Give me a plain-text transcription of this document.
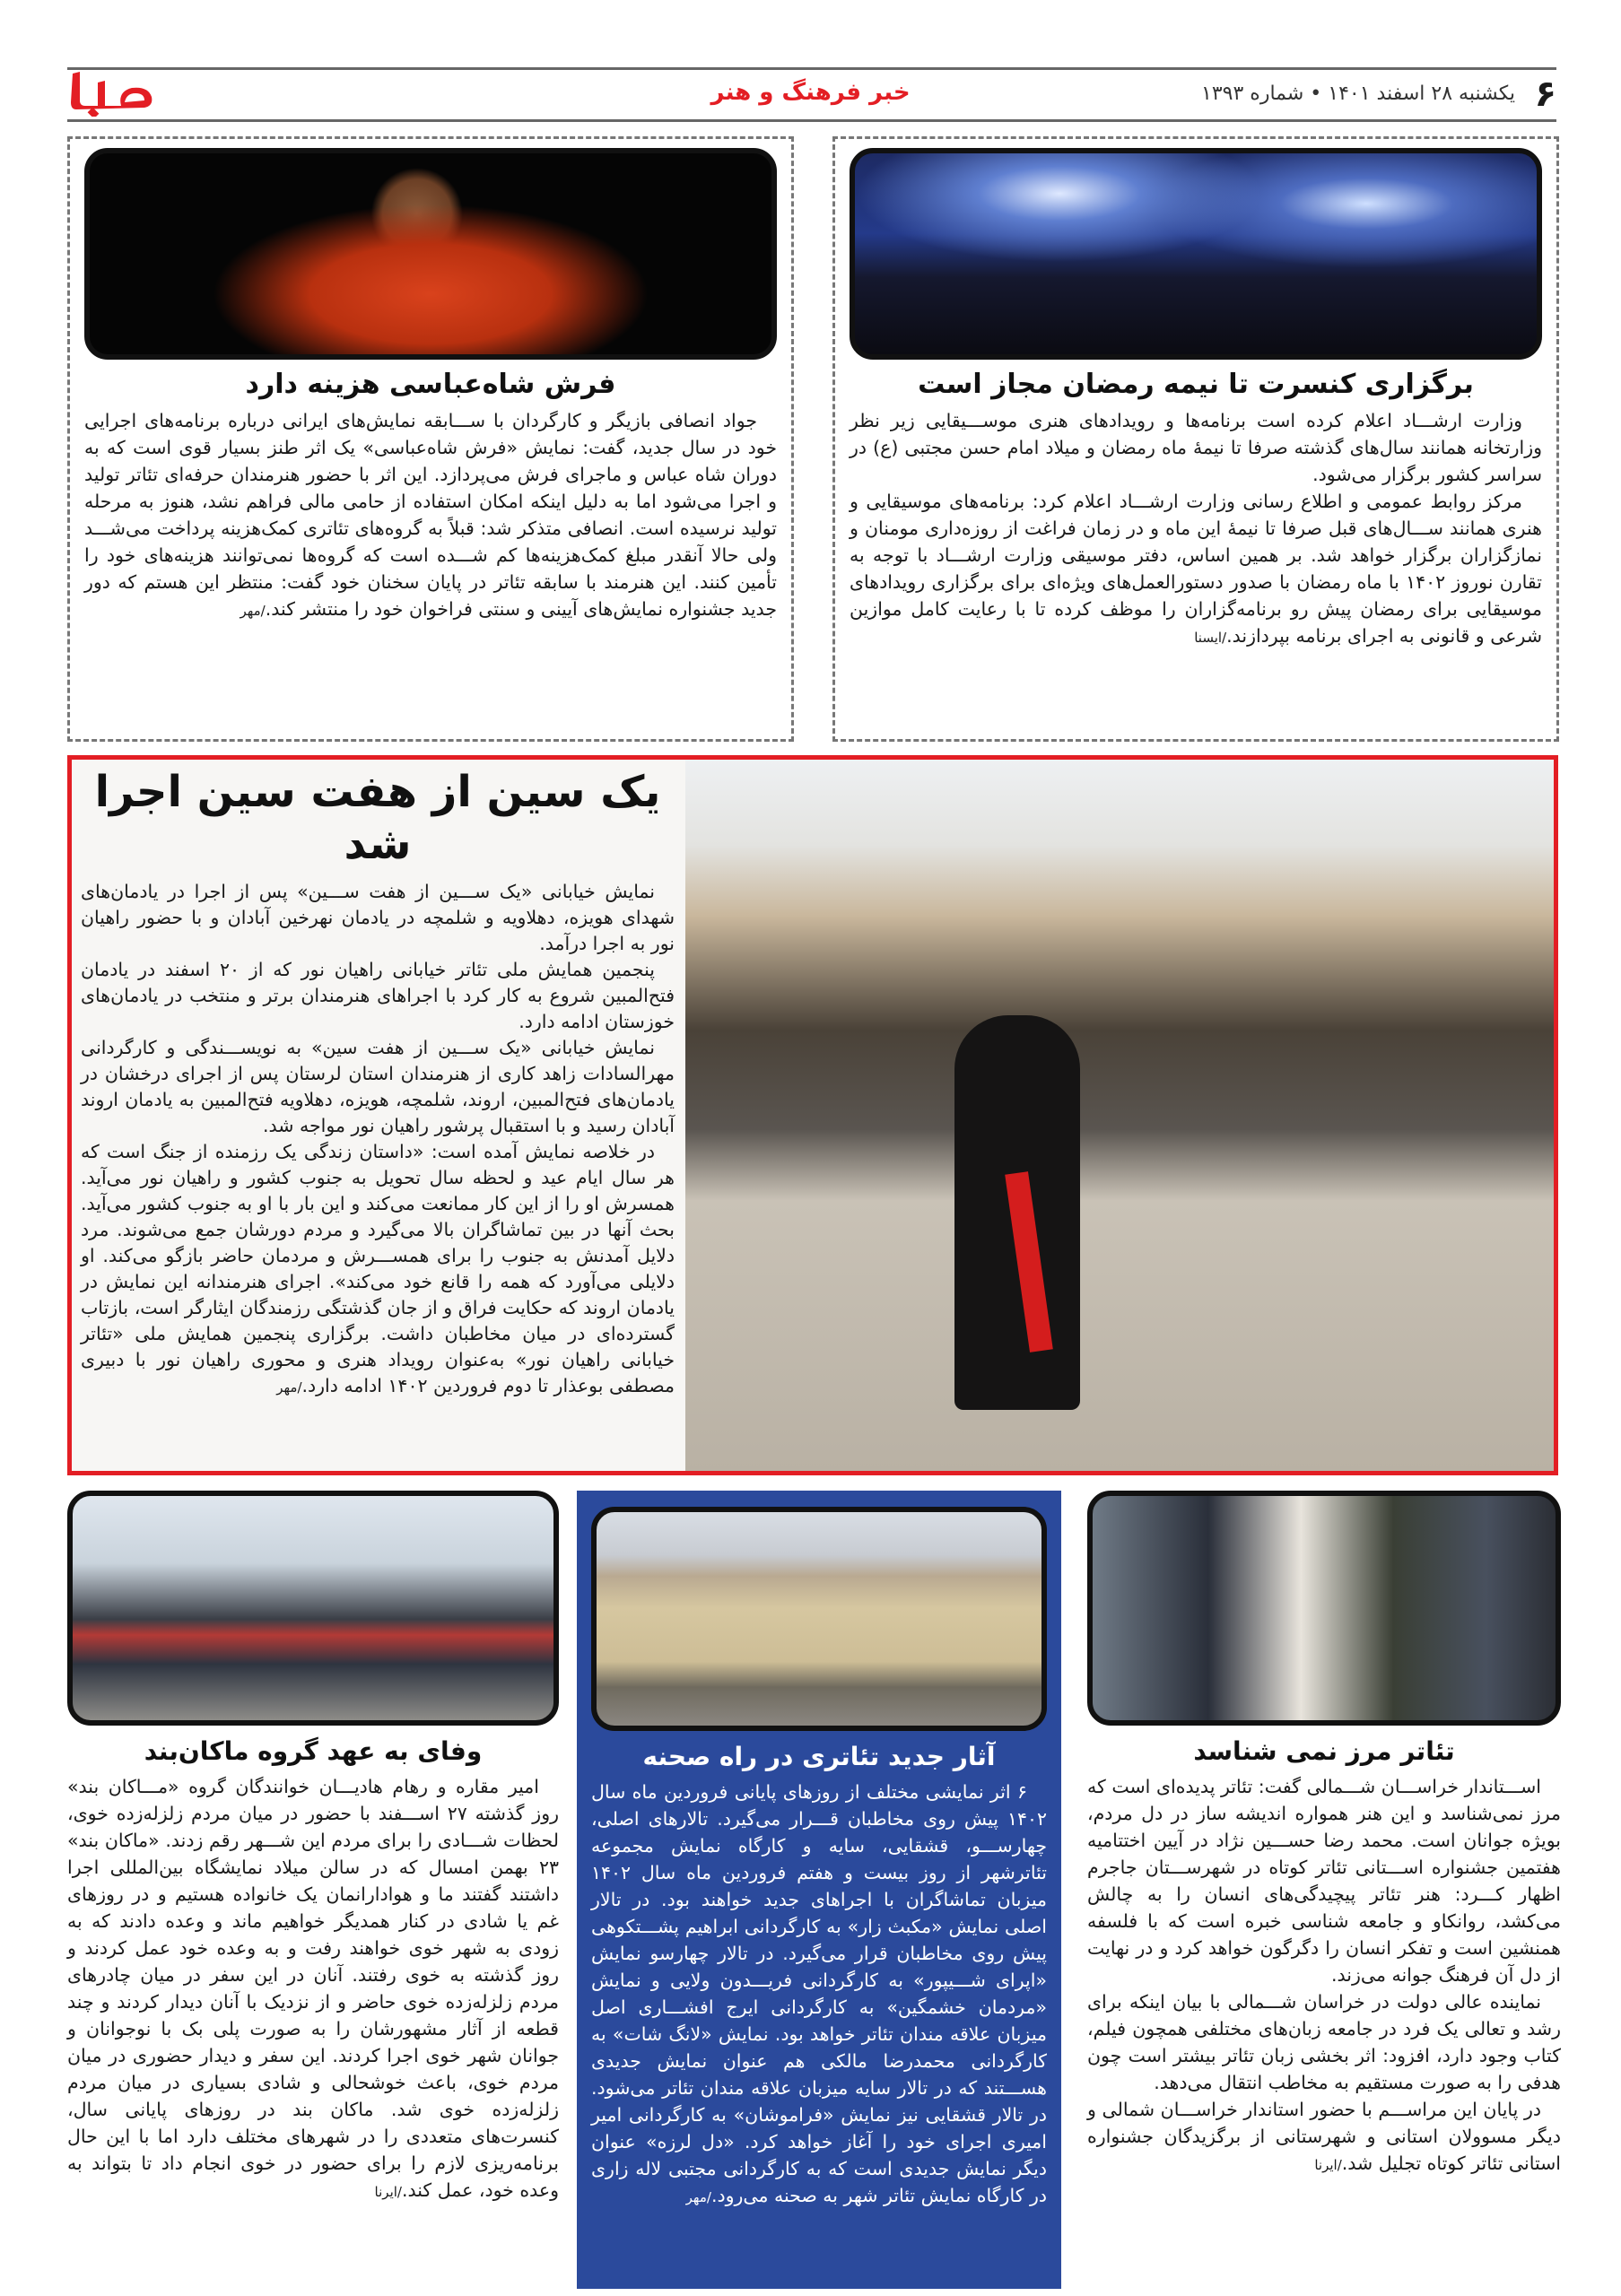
۶
یکشنبه ۲۸ اسفند ۱۴۰۱ • شماره ۱۳۹۳
خبر فرهنگ و هنر
برگزاری کنسرت تا نیمه رمضان مجاز است

وزارت ارشـــاد اعلام کرده است برنامه‌ها و رویدادهای هنری موســـیقایی زیر نظر وزارتخانه همانند سال‌های گذشته صرفا تا نیمهٔ ماه رمضان و میلاد امام حسن مجتبی (ع) در سراسر کشور برگزار می‌شود.

مرکز روابط عمومی و اطلاع رسانی وزارت ارشـــاد اعلام کرد: برنامه‌های موسیقایی و هنری همانند ســـال‌های قبل صرفا تا نیمهٔ این ماه و در زمان فراغت از روزه‌داری مومنان و نمازگزاران برگزار خواهد شد. بر همین اساس، دفتر موسیقی وزارت ارشـــاد با توجه به تقارن نوروز ۱۴۰۲ با ماه رمضان با صدور دستورالعمل‌های ویژه‌ای برای برگزاری رویدادهای موسیقایی برای رمضان پیش رو برنامه‌گزاران را موظف کرده تا با رعایت کامل موازین شرعی و قانونی به اجرای برنامه بپردازند./ایسنا

فرش شاه‌عباسی هزینه دارد

جواد انصافی بازیگر و کارگردان با ســـابقه نمایش‌های ایرانی درباره برنامه‌های اجرایی خود در سال جدید، گفت: نمایش «فرش شاه‌عباسی» یک اثر طنز بسیار قوی است که به دوران شاه عباس و ماجرای فرش می‌پردازد. این اثر با حضور هنرمندان حرفه‌ای تئاتر تولید و اجرا می‌شود اما به دلیل اینکه امکان استفاده از حامی مالی فراهم نشد، هنوز به مرحله تولید نرسیده است. انصافی متذکر شد: قبلاً به گروه‌های تئاتری کمک‌هزینه پرداخت می‌شـــد ولی حالا آنقدر مبلغ کمک‌هزینه‌ها کم شـــده است که گروه‌ها نمی‌توانند هزینه‌های خود را تأمین کنند. این هنرمند با سابقه تئاتر در پایان سخنان خود گفت: منتظر این هستم که دور جدید جشنواره نمایش‌های آیینی و سنتی فراخوان خود را منتشر کند./مهر

یک سین از هفت سین اجرا شد

نمایش خیابانی «یک ســـین از هفت ســـین» پس از اجرا در یادمان‌های شهدای هویزه، دهلاویه و شلمچه در یادمان نهرخین آبادان و با حضور راهیان نور به اجرا درآمد.

پنجمین همایش ملی تئاتر خیابانی راهیان نور که از ۲۰ اسفند در یادمان فتح‌المبین شروع به کار کرد با اجراهای هنرمندان برتر و منتخب در یادمان‌های خوزستان ادامه دارد.

نمایش خیابانی «یک ســـین از هفت سین» به نویســـندگی و کارگردانی مهرالسادات زاهد کاری از هنرمندان استان لرستان پس از اجرای درخشان در یادمان‌های فتح‌المبین، اروند، شلمچه، هویزه، دهلاویه فتح‌المبین به یادمان اروند آبادان رسید و با استقبال پرشور راهیان نور مواجه شد.

در خلاصه نمایش آمده است: «داستان زندگی یک رزمنده از جنگ است که هر سال ایام عید و لحظه سال تحویل به جنوب کشور و راهیان نور می‌آید. همسرش او را از این کار ممانعت می‌کند و این بار با او به جنوب کشور می‌آید. بحث آنها در بین تماشاگران بالا می‌گیرد و مردم دورشان جمع می‌شوند. مرد دلایل آمدنش به جنوب را برای همســـرش و مردمان حاضر بازگو می‌کند. او دلایلی می‌آورد که همه را قانع خود می‌کند». اجرای هنرمندانه این نمایش در یادمان اروند که حکایت فراق و از جان گذشتگی رزمندگان ایثارگر است، بازتاب گسترده‌ای در میان مخاطبان داشت. برگزاری پنجمین همایش ملی «تئاتر خیابانی راهیان نور» به‌عنوان رویداد هنری و محوری راهیان نور با دبیری مصطفی بوعذار تا دوم فروردین ۱۴۰۲ ادامه دارد./مهر

تئاتر مرز نمی شناسد

اســـتاندار خراســـان شـــمالی گفت: تئاتر پدیده‌ای است که مرز نمی‌شناسد و این هنر همواره اندیشه ساز در دل مردم، بویژه جوانان است. محمد رضا حســـین نژاد در آیین اختتامیه هفتمین جشنواره اســـتانی تئاتر کوتاه در شهرســـتان جاجرم اظهار کـــرد: هنر تئاتر پیچیدگی‌های انسان را به چالش می‌کشد، روانکاو و جامعه شناسی خبره است که با فلسفه همنشین است و تفکر انسان را دگرگون خواهد کرد و در نهایت از دل آن فرهنگ جوانه می‌زند.

نماینده عالی دولت در خراسان شـــمالی با بیان اینکه برای رشد و تعالی یک فرد در جامعه زبان‌های مختلفی همچون فیلم، کتاب وجود دارد، افزود: اثر بخشی زبان تئاتر بیشتر است چون هدفی را به صورت مستقیم به مخاطب انتقال می‌دهد.

در پایان این مراســـم با حضور استاندار خراســـان شمالی و دیگر مسوولان استانی و شهرستانی از برگزیدگان جشنواره استانی تئاتر کوتاه تجلیل شد./ایرنا

آثار جدید تئاتری در راه صحنه

۶ اثر نمایشی مختلف از روزهای پایانی فروردین ماه سال ۱۴۰۲ پیش روی مخاطبان قـــرار می‌گیرد. تالارهای اصلی، چهارســـو، قشقایی، سایه و کارگاه نمایش مجموعه تئاترشهر از روز بیست و هفتم فروردین ماه سال ۱۴۰۲ میزبان تماشاگران با اجراهای جدید خواهند بود. در تالار اصلی نمایش «مکبث زار» به کارگردانی ابراهیم پشـــتکوهی پیش روی مخاطبان قرار می‌گیرد. در تالار چهارسو نمایش «اپرای شـــیپور» به کارگردانی فریـــدون ولایی و نمایش «مردمان خشمگین» به کارگردانی ایرج افشـــاری اصل میزبان علاقه مندان تئاتر خواهد بود. نمایش «لانگ شات» به کارگردانی محمدرضا مالکی هم عنوان نمایش جدیدی هســـتند که در تالار سایه میزبان علاقه مندان تئاتر می‌شود. در تالار قشقایی نیز نمایش «فراموشان» به کارگردانی امیر امیری اجرای خود را آغاز خواهد کرد. «دل لرزه» عنوان دیگر نمایش جدیدی است که به کارگردانی مجتبی لاله زاری در کارگاه نمایش تئاتر شهر به صحنه می‌رود./مهر

وفای به عهد گروه ماکان‌بند

امیر مقاره و رهام هادیـــان خوانندگان گروه «مـــاکان بند» روز گذشته ۲۷ اســـفند با حضور در میان مردم زلزله‌زده خوی، لحظات شـــادی را برای مردم این شـــهر رقم زدند. «ماکان بند» ۲۳ بهمن امسال که در سالن میلاد نمایشگاه بین‌المللی اجرا داشتند گفتند ما و هوادارانمان یک خانواده هستیم و در روزهای غم یا شادی در کنار همدیگر خواهیم ماند و وعده دادند که به زودی به شهر خوی خواهند رفت و به وعده خود عمل کردند و روز گذشته به خوی رفتند. آنان در این سفر در میان چادرهای مردم زلزله‌زده خوی حاضر و از نزدیک با آنان دیدار کردند و چند قطعه از آثار مشهورشان را به صورت پلی بک با نوجوانان و جوانان شهر خوی اجرا کردند. این سفر و دیدار حضوری در میان مردم خوی، باعث خوشحالی و شادی بسیاری در میان مردم زلزله‌زده خوی شد. ماکان بند در روزهای پایانی سال، کنسرت‌های متعددی را در شهرهای مختلف دارد اما با این حال برنامه‌ریزی لازم را برای حضور در خوی انجام داد تا بتواند به وعده خود، عمل کند./ایرنا
